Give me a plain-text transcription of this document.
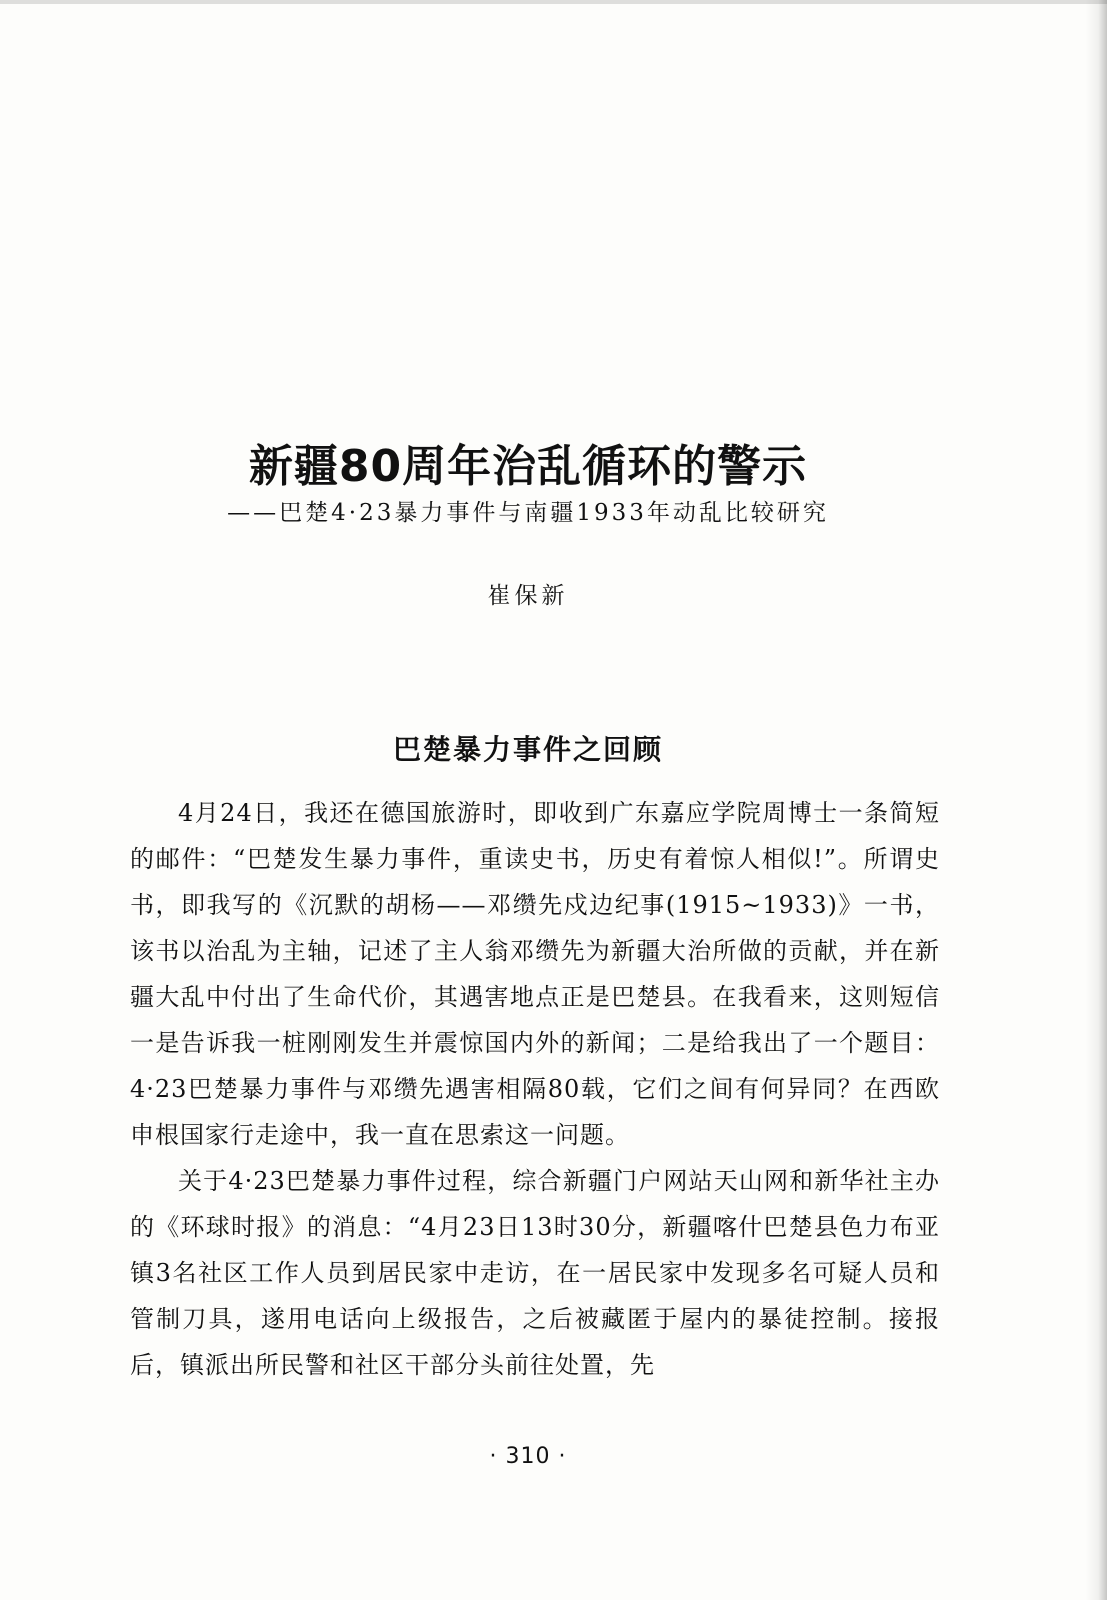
新疆80周年治乱循环的警示
——巴楚4·23暴力事件与南疆1933年动乱比较研究
崔保新
巴楚暴力事件之回顾

4月24日，我还在德国旅游时，即收到广东嘉应学院周博士一条简短的邮件：“巴楚发生暴力事件，重读史书，历史有着惊人相似!”。所谓史书，即我写的《沉默的胡杨——邓缵先戍边纪事(1915~1933)》一书，该书以治乱为主轴，记述了主人翁邓缵先为新疆大治所做的贡献，并在新疆大乱中付出了生命代价，其遇害地点正是巴楚县。在我看来，这则短信一是告诉我一桩刚刚发生并震惊国内外的新闻；二是给我出了一个题目：4·23巴楚暴力事件与邓缵先遇害相隔80载，它们之间有何异同？在西欧申根国家行走途中，我一直在思索这一问题。

关于4·23巴楚暴力事件过程，综合新疆门户网站天山网和新华社主办的《环球时报》的消息：“4月23日13时30分，新疆喀什巴楚县色力布亚镇3名社区工作人员到居民家中走访，在一居民家中发现多名可疑人员和管制刀具，遂用电话向上级报告，之后被藏匿于屋内的暴徒控制。接报后，镇派出所民警和社区干部分头前往处置，先

· 310 ·
